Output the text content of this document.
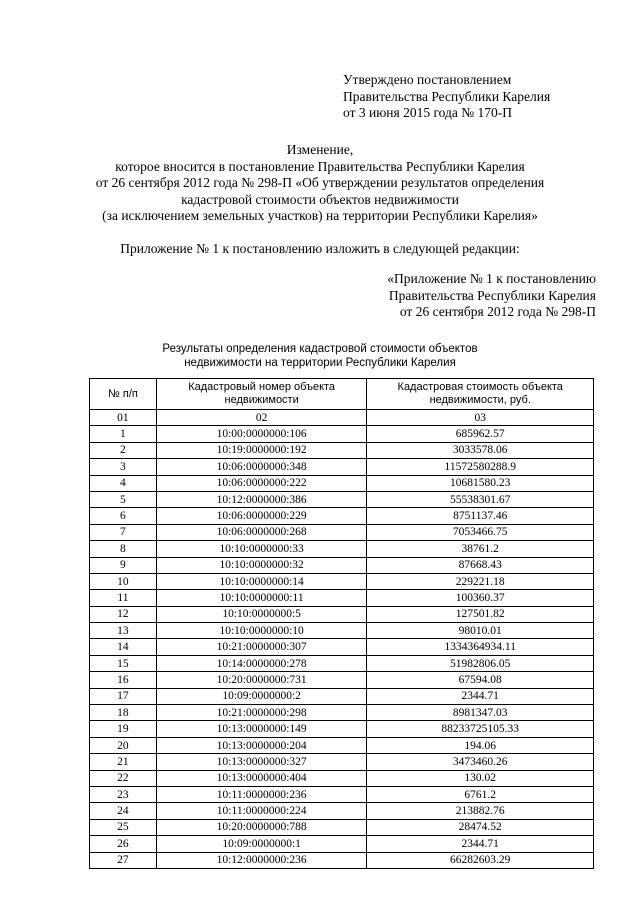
Утверждено постановлением
Правительства Республики Карелия
от 3 июня 2015 года № 170-П
Изменение,
которое вносится в постановление Правительства Республики Карелия
от 26 сентября 2012 года № 298-П «Об утверждении результатов определения
кадастровой стоимости объектов недвижимости
(за исключением земельных участков) на территории Республики Карелия»
Приложение № 1 к постановлению изложить в следующей редакции:
«Приложение № 1 к постановлению
Правительства Республики Карелия
от 26 сентября 2012 года № 298-П
Результаты определения кадастровой стоимости объектов
недвижимости на территории Республики Карелия
№ п/п	Кадастровый номер объекта недвижимости	Кадастровая стоимость объекта недвижимости, руб.
01	02	03
1	10:00:0000000:106	685962.57
2	10:19:0000000:192	3033578.06
3	10:06:0000000:348	11572580288.9
4	10:06:0000000:222	10681580.23
5	10:12:0000000:386	55538301.67
6	10:06:0000000:229	8751137.46
7	10:06:0000000:268	7053466.75
8	10:10:0000000:33	38761.2
9	10:10:0000000:32	87668.43
10	10:10:0000000:14	229221.18
11	10:10:0000000:11	100360.37
12	10:10:0000000:5	127501.82
13	10:10:0000000:10	98010.01
14	10:21:0000000:307	1334364934.11
15	10:14:0000000:278	51982806.05
16	10:20:0000000:731	67594.08
17	10:09:0000000:2	2344.71
18	10:21:0000000:298	8981347.03
19	10:13:0000000:149	88233725105.33
20	10:13:0000000:204	194.06
21	10:13:0000000:327	3473460.26
22	10:13:0000000:404	130.02
23	10:11:0000000:236	6761.2
24	10:11:0000000:224	213882.76
25	10:20:0000000:788	28474.52
26	10:09:0000000:1	2344.71
27	10:12:0000000:236	66282603.29
